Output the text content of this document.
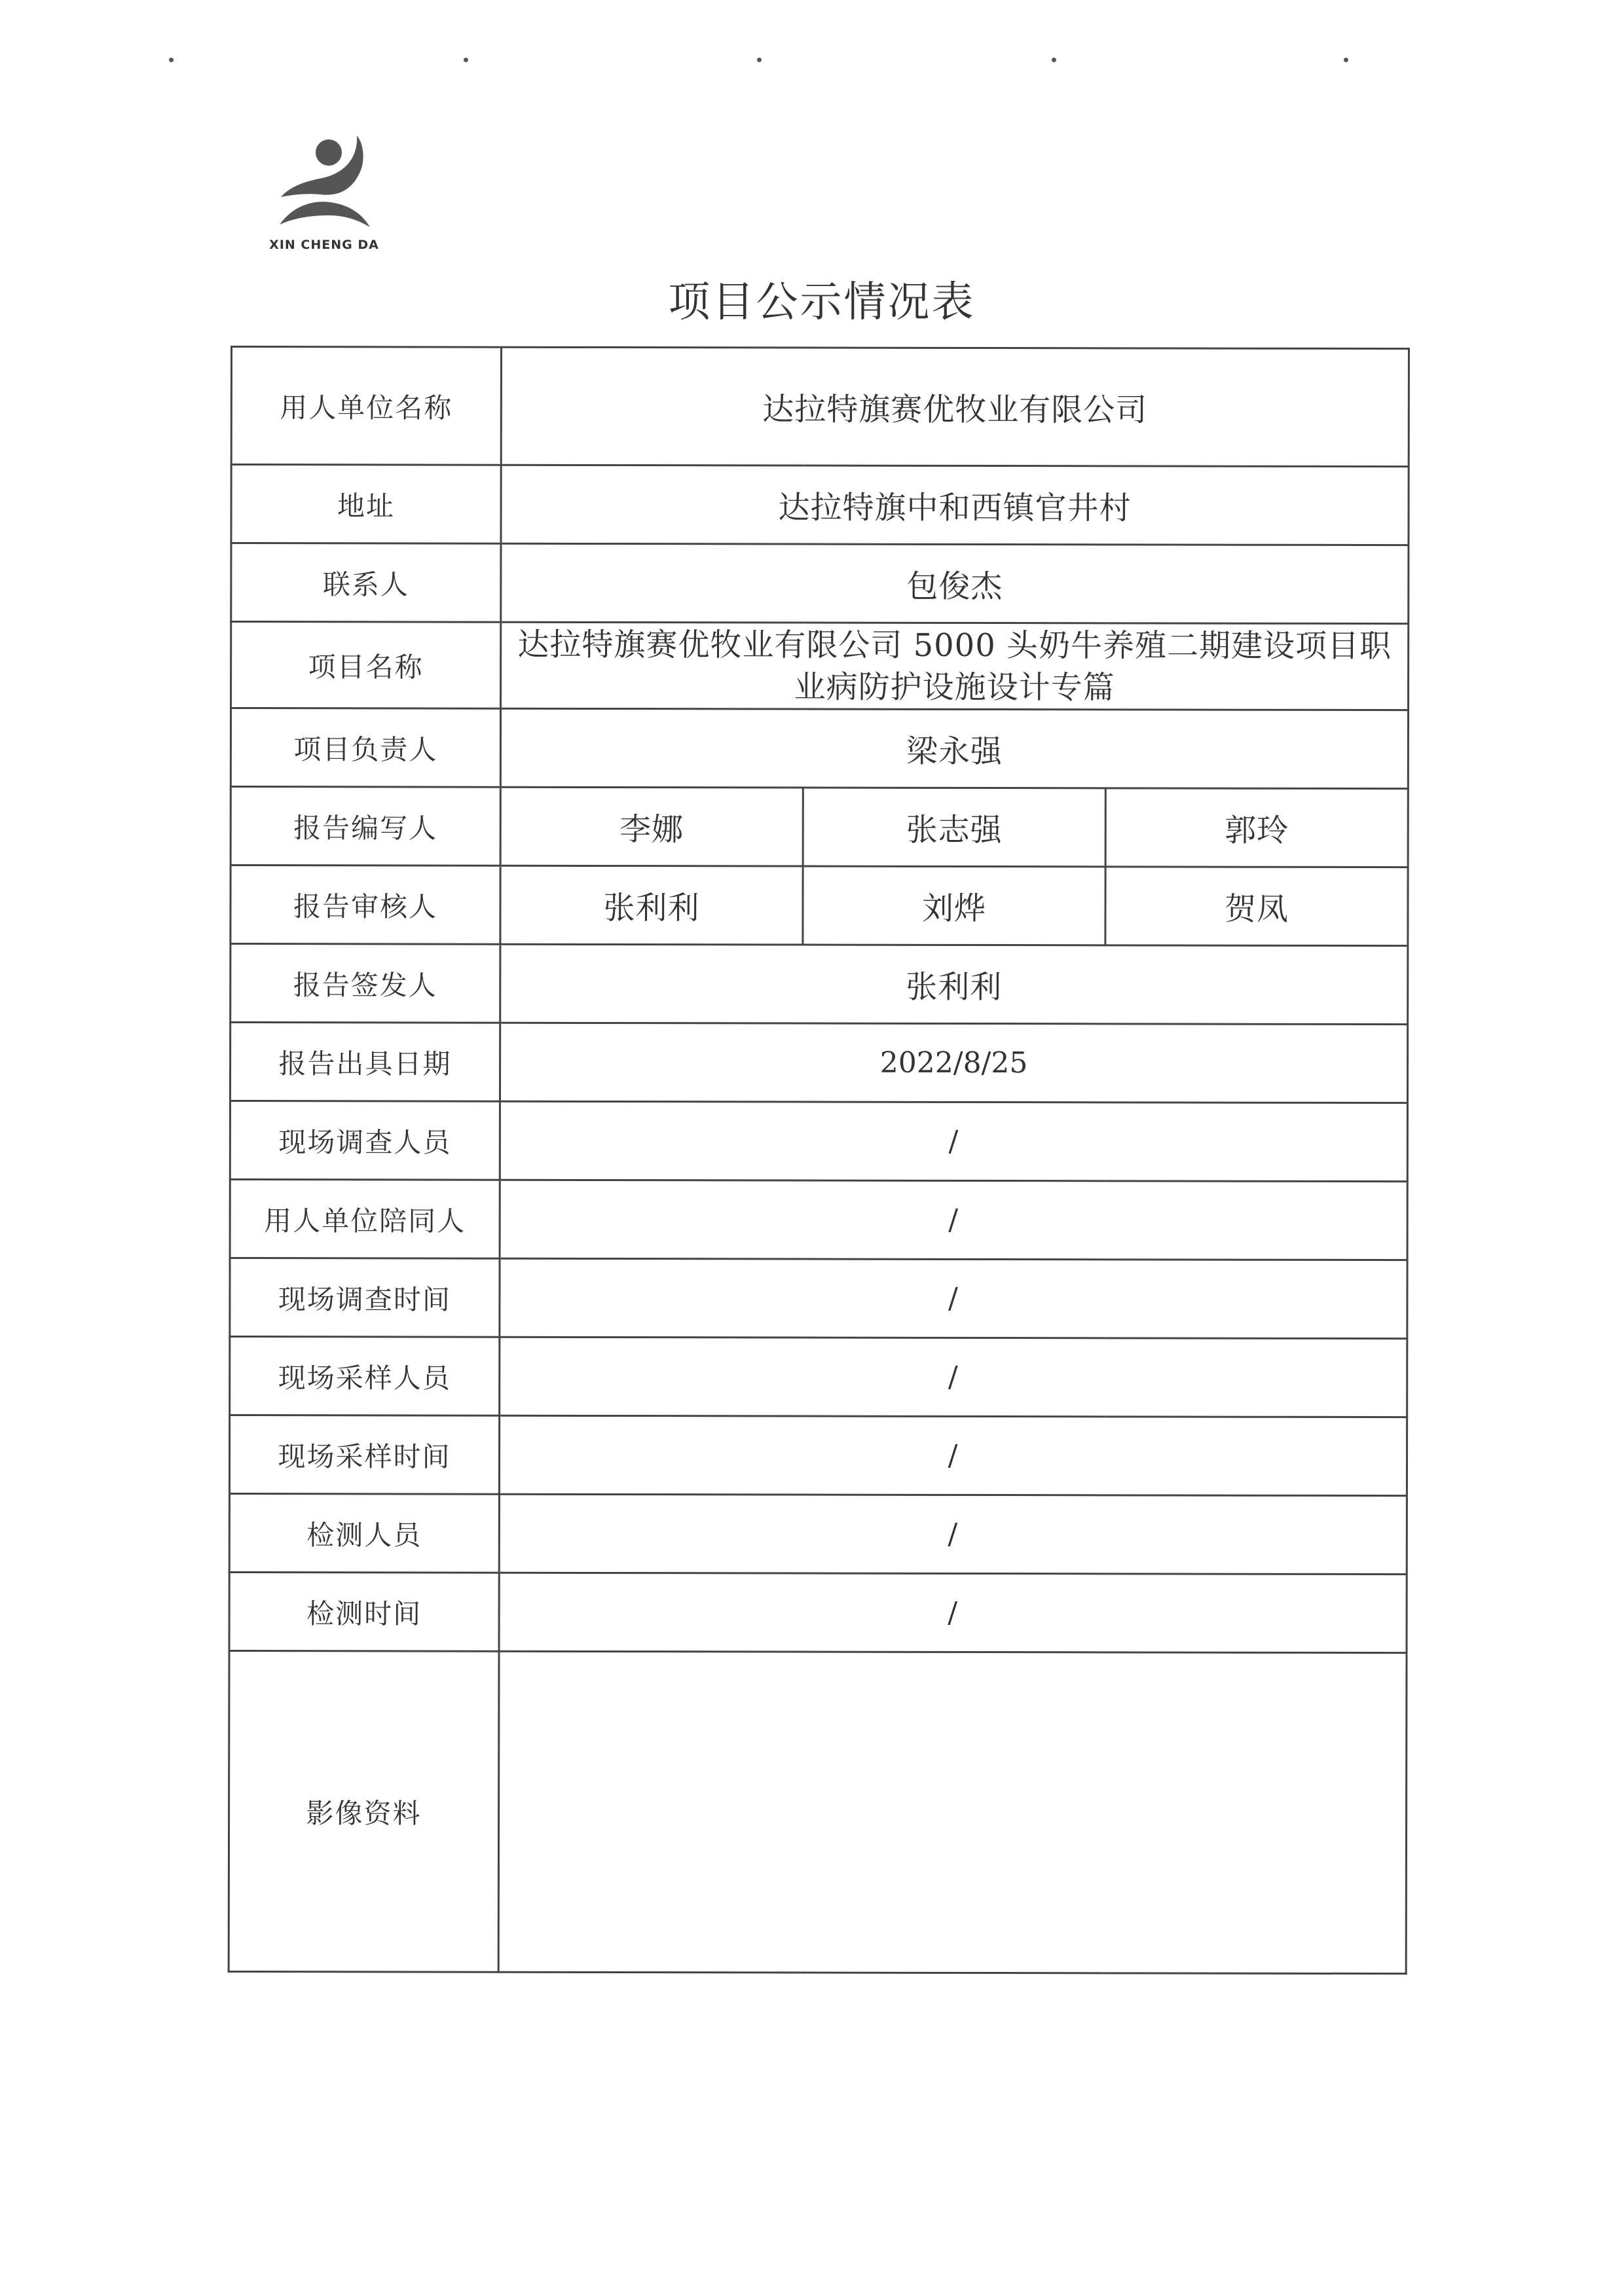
XIN CHENG DA
项目公示情况表
用人单位名称	达拉特旗赛优牧业有限公司		
地址	达拉特旗中和西镇官井村		
联系人	包俊杰		
项目名称	达拉特旗赛优牧业有限公司 5000 头奶牛养殖二期建设项目职业病防护设施设计专篇		
项目负责人	梁永强		
报告编写人	李娜	张志强	郭玲
报告审核人	张利利	刘烨	贺凤
报告签发人	张利利		
报告出具日期	2022/8/25		
现场调查人员	/		
用人单位陪同人	/		
现场调查时间	/		
现场采样人员	/		
现场采样时间	/		
检测人员	/		
检测时间	/		
影像资料			
